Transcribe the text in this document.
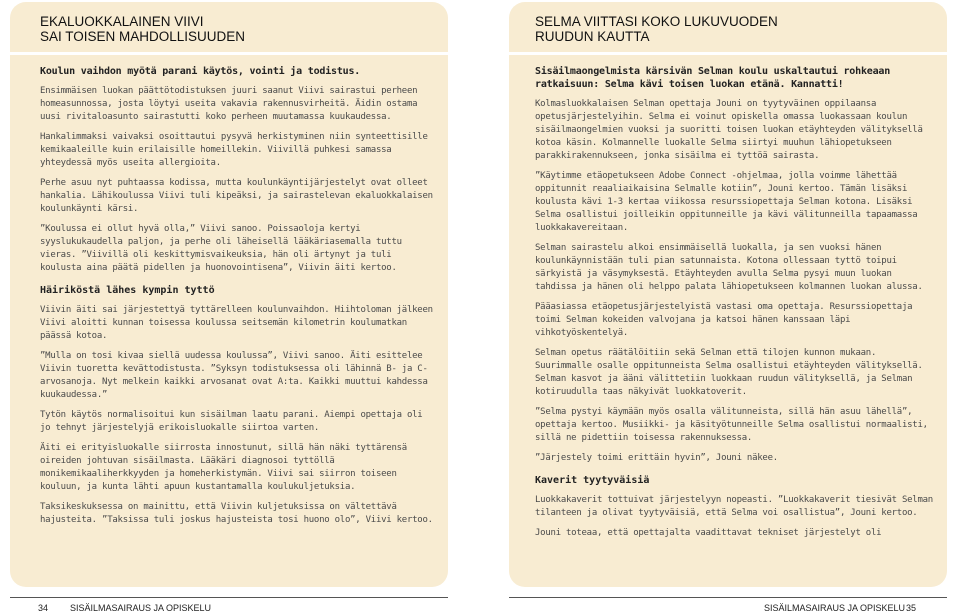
EKALUOKKALAINEN VIIVI
SAI TOISEN MAHDOLLISUUDEN
Koulun vaihdon myötä parani käytös, vointi ja todistus.

Ensimmäisen luokan päättötodistuksen juuri saanut Viivi sairastui perheen homeasunnossa, josta löytyi useita vakavia rakennusvirheitä. Äidin ostama uusi rivitaloasunto sairastutti koko perheen muutamassa kuukaudessa.

Hankalimmaksi vaivaksi osoittautui pysyvä herkistyminen niin synteettisille kemikaaleille kuin erilaisille homeillekin. Viivillä puhkesi samassa yhteydessä myös useita allergioita.

Perhe asuu nyt puhtaassa kodissa, mutta koulunkäyntijärjestelyt ovat olleet hankalia. Lähikoulussa Viivi tuli kipeäksi, ja sairastelevan ekaluokkalaisen koulunkäynti kärsi.

”Koulussa ei ollut hyvä olla,” Viivi sanoo. Poissaoloja kertyi syyslukukaudella paljon, ja perhe oli läheisellä lääkäriasemalla tuttu vieras. ”Viivillä oli keskittymisvaikeuksia, hän oli ärtynyt ja tuli koulusta aina päätä pidellen ja huonovointisena”, Viivin äiti kertoo.

Häiriköstä lähes kympin tyttö

Viivin äiti sai järjestettyä tyttärelleen koulunvaihdon. Hiihtoloman jälkeen Viivi aloitti kunnan toisessa koulussa seitsemän kilometrin koulumatkan päässä kotoa.

”Mulla on tosi kivaa siellä uudessa koulussa”, Viivi sanoo. Äiti esittelee Viivin tuoretta kevättodistusta. ”Syksyn todistuksessa oli lähinnä B- ja C-arvosanoja. Nyt melkein kaikki arvosanat ovat A:ta. Kaikki muuttui kahdessa kuukaudessa.”

Tytön käytös normalisoitui kun sisäilman laatu parani. Aiempi opettaja oli jo tehnyt järjestelyjä erikoisluokalle siirtoa varten.

Äiti ei erityisluokalle siirrosta innostunut, sillä hän näki tyttärensä oireiden johtuvan sisäilmasta. Lääkäri diagnosoi tyttöllä monikemikaaliherkkyyden ja homeherkistymän. Viivi sai siirron toiseen kouluun, ja kunta lähti apuun kustantamalla koulukuljetuksia.

Taksikeskuksessa on mainittu, että Viivin kuljetuksissa on vältettävä hajusteita. ”Taksissa tuli joskus hajusteista tosi huono olo”, Viivi kertoo.

SELMA VIITTASI KOKO LUKUVUODEN
RUUDUN KAUTTA
Sisäilmaongelmista kärsivän Selman koulu uskaltautui rohkeaan ratkaisuun: Selma kävi toisen luokan etänä. Kannatti!

Kolmasluokkalaisen Selman opettaja Jouni on tyytyväinen oppilaansa opetusjärjestelyihin. Selma ei voinut opiskella omassa luokassaan koulun sisäilmaongelmien vuoksi ja suoritti toisen luokan etäyhteyden välityksellä kotoa käsin. Kolmannelle luokalle Selma siirtyi muuhun lähiopetukseen parakkirakennukseen, jonka sisäilma ei tyttöä sairasta.

”Käytimme etäopetukseen Adobe Connect -ohjelmaa, jolla voimme lähettää oppitunnit reaaliaikaisina Selmalle kotiin”, Jouni kertoo. Tämän lisäksi koulusta kävi 1-3 kertaa viikossa resurssiopettaja Selman kotona. Lisäksi Selma osallistui joilleikin oppitunneille ja kävi välitunneilla tapaamassa luokkakavereitaan.

Selman sairastelu alkoi ensimmäisellä luokalla, ja sen vuoksi hänen koulunkäynnistään tuli pian satunnaista. Kotona ollessaan tyttö toipui särkyistä ja väsymyksestä. Etäyhteyden avulla Selma pysyi muun luokan tahdissa ja hänen oli helppo palata lähiopetukseen kolmannen luokan alussa.

Pääasiassa etäopetusjärjestelyistä vastasi oma opettaja. Resurssiopettaja toimi Selman kokeiden valvojana ja katsoi hänen kanssaan läpi vihkotyöskentelyä.

Selman opetus räätälöitiin sekä Selman että tilojen kunnon mukaan. Suurimmalle osalle oppitunneista Selma osallistui etäyhteyden välityksellä. Selman kasvot ja ääni välittetiin luokkaan ruudun välityksellä, ja Selman kotiruudulla taas näkyivät luokkatoverit.

”Selma pystyi käymään myös osalla välitunneista, sillä hän asuu lähellä”, opettaja kertoo. Musiikki- ja käsityötunneille Selma osallistui normaalisti, sillä ne pidettiin toisessa rakennuksessa.

”Järjestely toimi erittäin hyvin”, Jouni näkee.

Kaverit tyytyväisiä

Luokkakaverit tottuivat järjestelyyn nopeasti. ”Luokkakaverit tiesivät Selman tilanteen ja olivat tyytyväisiä, että Selma voi osallistua”, Jouni kertoo.

Jouni toteaa, että opettajalta vaadittavat tekniset järjestelyt oli

34 SISÄILMASAIRAUS JA OPISKELU	SISÄILMASAIRAUS JA OPISKELU 35
